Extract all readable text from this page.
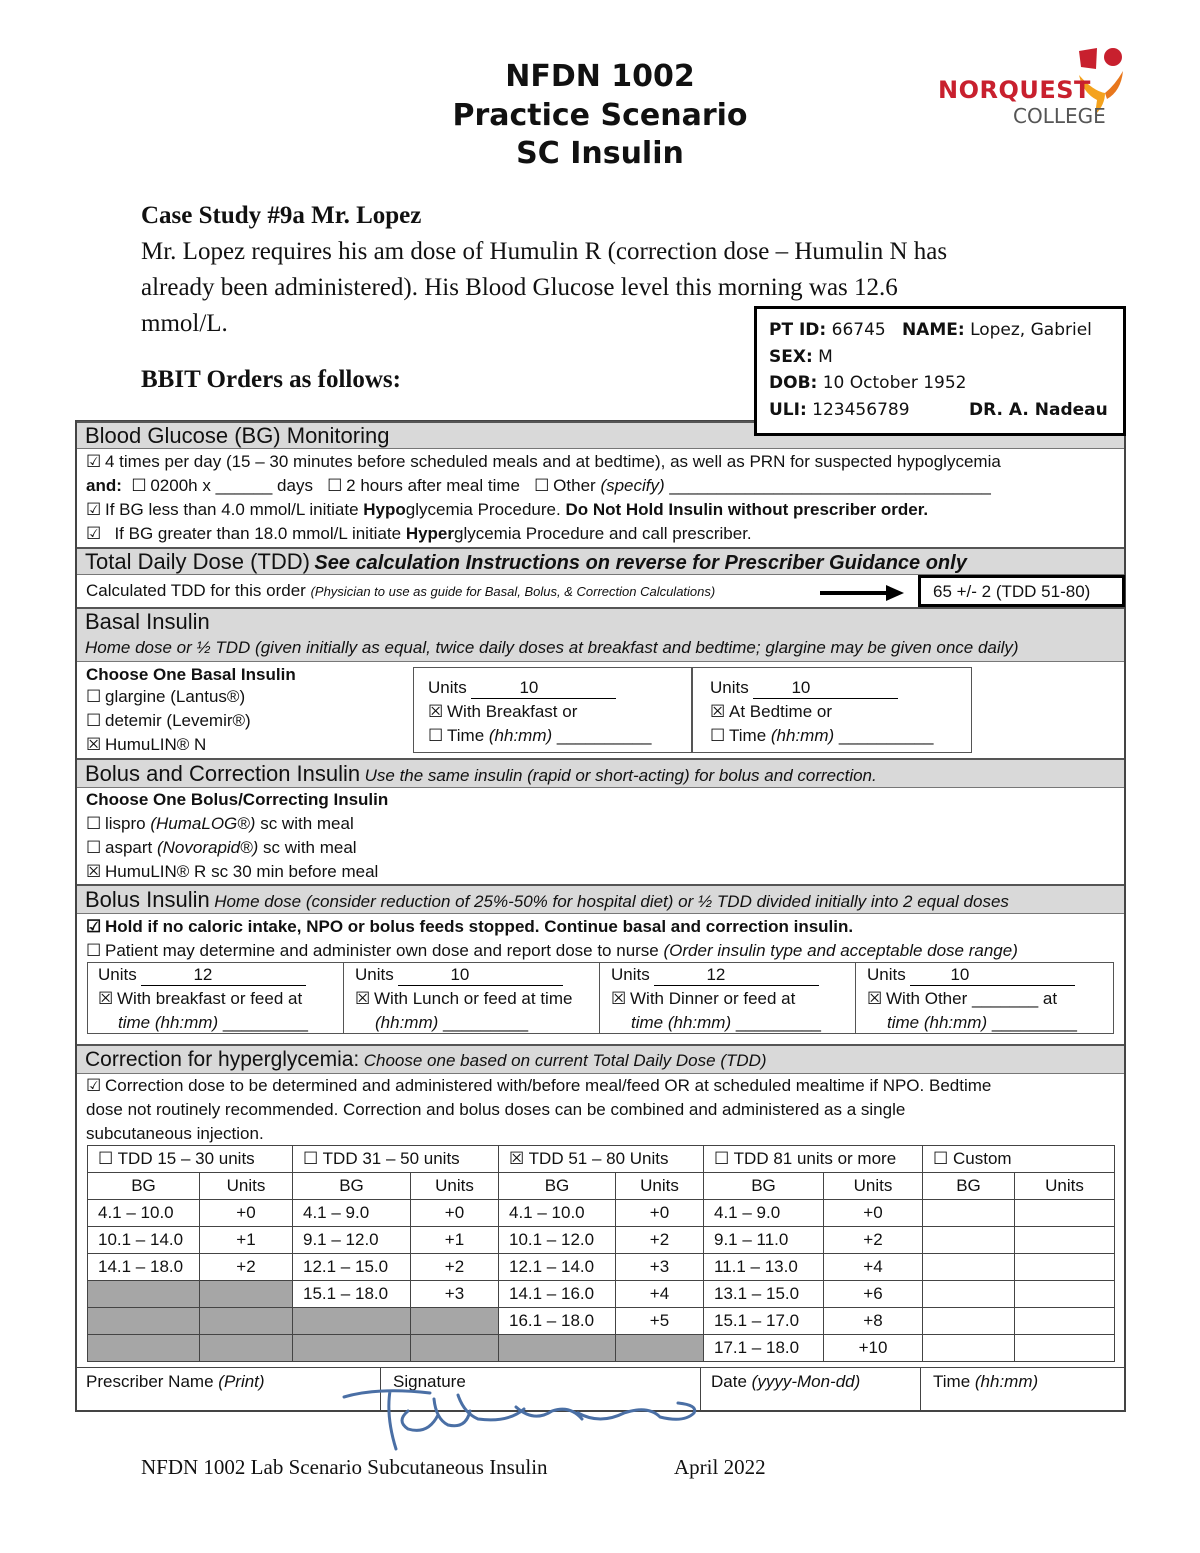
NFDN 1002
Practice Scenario
SC Insulin
NORQUEST
COLLEGE
Case Study #9a Mr. Lopez
Mr. Lopez requires his am dose of Humulin R (correction dose – Humulin N has
already been administered). His Blood Glucose level this morning was 12.6
mmol/L.
BBIT Orders as follows:
PT ID: 66745 NAME: Lopez, Gabriel
SEX: M
DOB: 10 October 1952
ULI: 123456789	DR. A. Nadeau
Blood Glucose (BG) Monitoring
☑ 4 times per day (15 – 30 minutes before scheduled meals and at bedtime), as well as PRN for suspected hypoglycemia
and: ☐ 0200h x ______ days ☐ 2 hours after meal time ☐ Other (specify) __________________________________
☑ If BG less than 4.0 mmol/L initiate Hypoglycemia Procedure. Do Not Hold Insulin without prescriber order.
☑ If BG greater than 18.0 mmol/L initiate Hyperglycemia Procedure and call prescriber.
Total Daily Dose (TDD) See calculation Instructions on reverse for Prescriber Guidance only
Calculated TDD for this order (Physician to use as guide for Basal, Bolus, & Correction Calculations)	65 +/- 2 (TDD 51-80)
Basal Insulin
Home dose or ½ TDD (given initially as equal, twice daily doses at breakfast and bedtime; glargine may be given once daily)
Choose One Basal Insulin
☐ glargine (Lantus®)
☐ detemir (Levemir®)
☒ HumuLIN® N
Units	10
☒ With Breakfast or
☐ Time (hh:mm) __________
Units	10
☒ At Bedtime or
☐ Time (hh:mm) __________
Bolus and Correction Insulin Use the same insulin (rapid or short-acting) for bolus and correction.
Choose One Bolus/Correcting Insulin
☐ lispro (HumaLOG®) sc with meal
☐ aspart (Novorapid®) sc with meal
☒ HumuLIN® R sc 30 min before meal
Bolus Insulin Home dose (consider reduction of 25%-50% for hospital diet) or ½ TDD divided initially into 2 equal doses
☑ Hold if no caloric intake, NPO or bolus feeds stopped. Continue basal and correction insulin.
☐ Patient may determine and administer own dose and report dose to nurse (Order insulin type and acceptable dose range)
Units	12
☒ With breakfast or feed at
time (hh:mm) _________
Units	10
☒ With Lunch or feed at time
(hh:mm) _________
Units	12
☒ With Dinner or feed at
time (hh:mm) _________
Units	10
☒ With Other _______ at
time (hh:mm) _________
Correction for hyperglycemia: Choose one based on current Total Daily Dose (TDD)
☑ Correction dose to be determined and administered with/before meal/feed OR at scheduled mealtime if NPO. Bedtime
dose not routinely recommended. Correction and bolus doses can be combined and administered as a single
subcutaneous injection.
☐ TDD 15 – 30 units		☐ TDD 31 – 50 units		☒ TDD 51 – 80 Units		☐ TDD 81 units or more		☐ Custom	
BG	Units	BG	Units	BG	Units	BG	Units	BG	Units
4.1 – 10.0	+0	4.1 – 9.0	+0	4.1 – 10.0	+0	4.1 – 9.0	+0		
10.1 – 14.0	+1	9.1 – 12.0	+1	10.1 – 12.0	+2	9.1 – 11.0	+2		
14.1 – 18.0	+2	12.1 – 15.0	+2	12.1 – 14.0	+3	11.1 – 13.0	+4		
		15.1 – 18.0	+3	14.1 – 16.0	+4	13.1 – 15.0	+6		
				16.1 – 18.0	+5	15.1 – 17.0	+8		
						17.1 – 18.0	+10		
Prescriber Name (Print)	Signature	Date (yyyy-Mon-dd)	Time (hh:mm)
NFDN 1002 Lab Scenario Subcutaneous Insulin	April 2022
